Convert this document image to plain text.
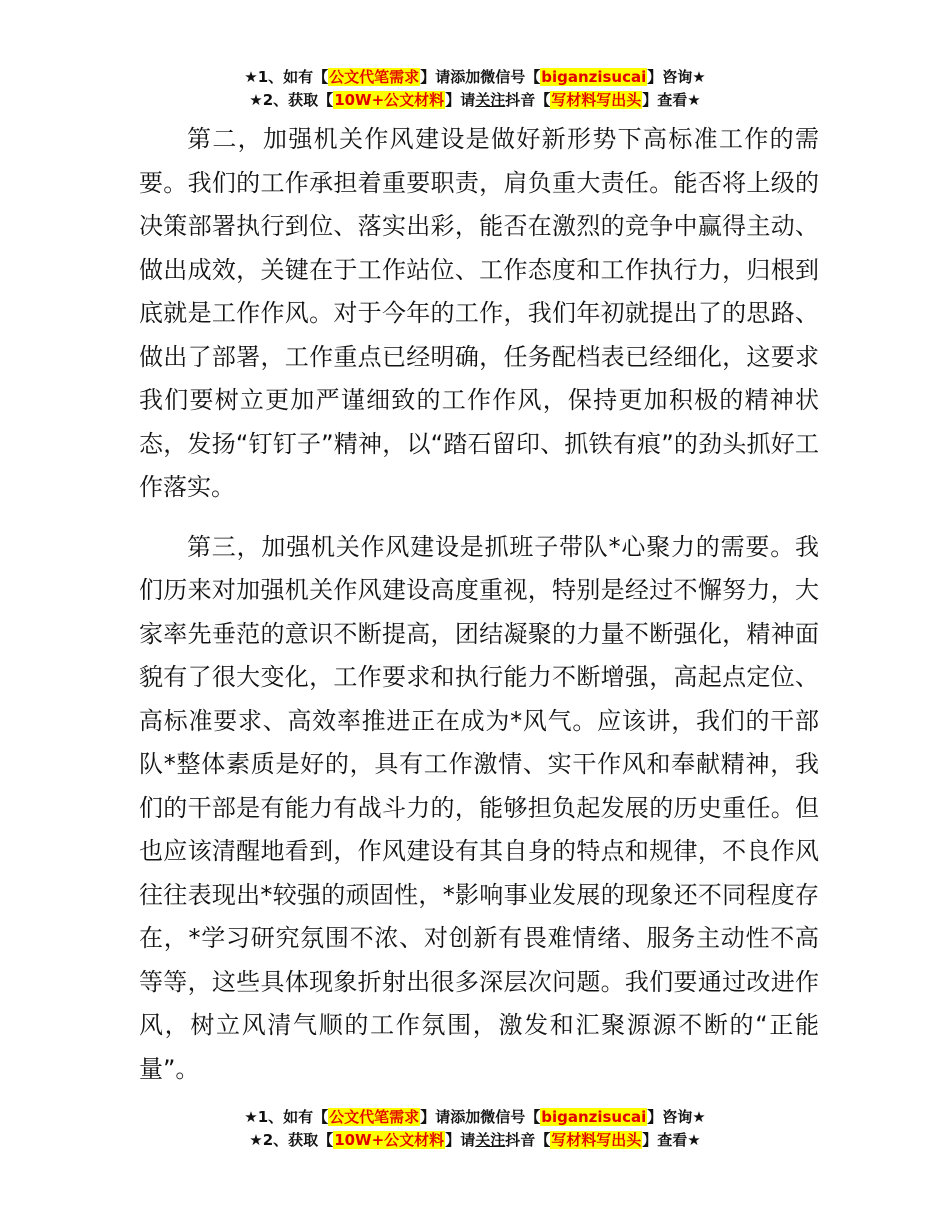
★1、如有【公文代笔需求】请添加微信号【biganzisucai】咨询★
★2、获取【10W+公文材料】请关注抖音【写材料写出头】查看★

第二，加强机关作风建设是做好新形势下高标准工作的需要。我们的工作承担着重要职责，肩负重大责任。能否将上级的决策部署执行到位、落实出彩，能否在激烈的竞争中赢得主动、做出成效，关键在于工作站位、工作态度和工作执行力，归根到底就是工作作风。对于今年的工作，我们年初就提出了的思路、做出了部署，工作重点已经明确，任务配档表已经细化，这要求我们要树立更加严谨细致的工作作风，保持更加积极的精神状态，发扬“钉钉子”精神，以“踏石留印、抓铁有痕”的劲头抓好工作落实。

第三，加强机关作风建设是抓班子带队*心聚力的需要。我们历来对加强机关作风建设高度重视，特别是经过不懈努力，大家率先垂范的意识不断提高，团结凝聚的力量不断强化，精神面貌有了很大变化，工作要求和执行能力不断增强，高起点定位、高标准要求、高效率推进正在成为*风气。应该讲，我们的干部队*整体素质是好的，具有工作激情、实干作风和奉献精神，我们的干部是有能力有战斗力的，能够担负起发展的历史重任。但也应该清醒地看到，作风建设有其自身的特点和规律，不良作风往往表现出*较强的顽固性，*影响事业发展的现象还不同程度存在，*学习研究氛围不浓、对创新有畏难情绪、服务主动性不高等等，这些具体现象折射出很多深层次问题。我们要通过改进作风，树立风清气顺的工作氛围，激发和汇聚源源不断的“正能量”。

★1、如有【公文代笔需求】请添加微信号【biganzisucai】咨询★
★2、获取【10W+公文材料】请关注抖音【写材料写出头】查看★
